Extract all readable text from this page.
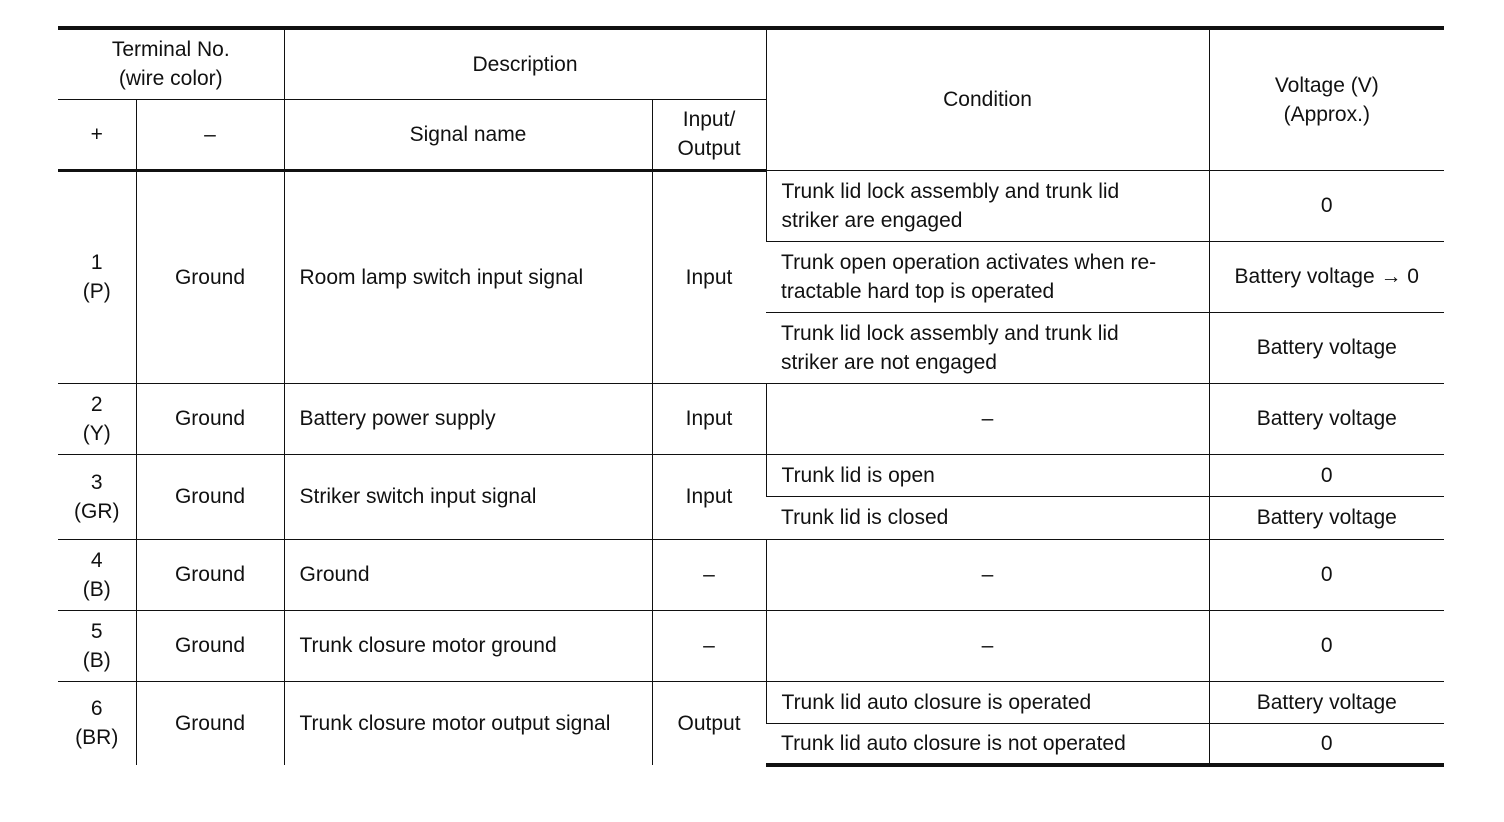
Terminal No.
(wire color)		Description		Condition	Voltage (V)
(Approx.)
+	–	Signal name	Input/
Output		
1
(P)	Ground	Room lamp switch input signal	Input	Trunk lid lock assembly and trunk lid
striker are engaged	0
				Trunk open operation activates when re-
tractable hard top is operated	Battery voltage → 0
				Trunk lid lock assembly and trunk lid
striker are not engaged	Battery voltage
2
(Y)	Ground	Battery power supply	Input	–	Battery voltage
3
(GR)	Ground	Striker switch input signal	Input	Trunk lid is open	0
				Trunk lid is closed	Battery voltage
4
(B)	Ground	Ground	–	–	0
5
(B)	Ground	Trunk closure motor ground	–	–	0
6
(BR)	Ground	Trunk closure motor output signal	Output	Trunk lid auto closure is operated	Battery voltage
				Trunk lid auto closure is not operated	0
